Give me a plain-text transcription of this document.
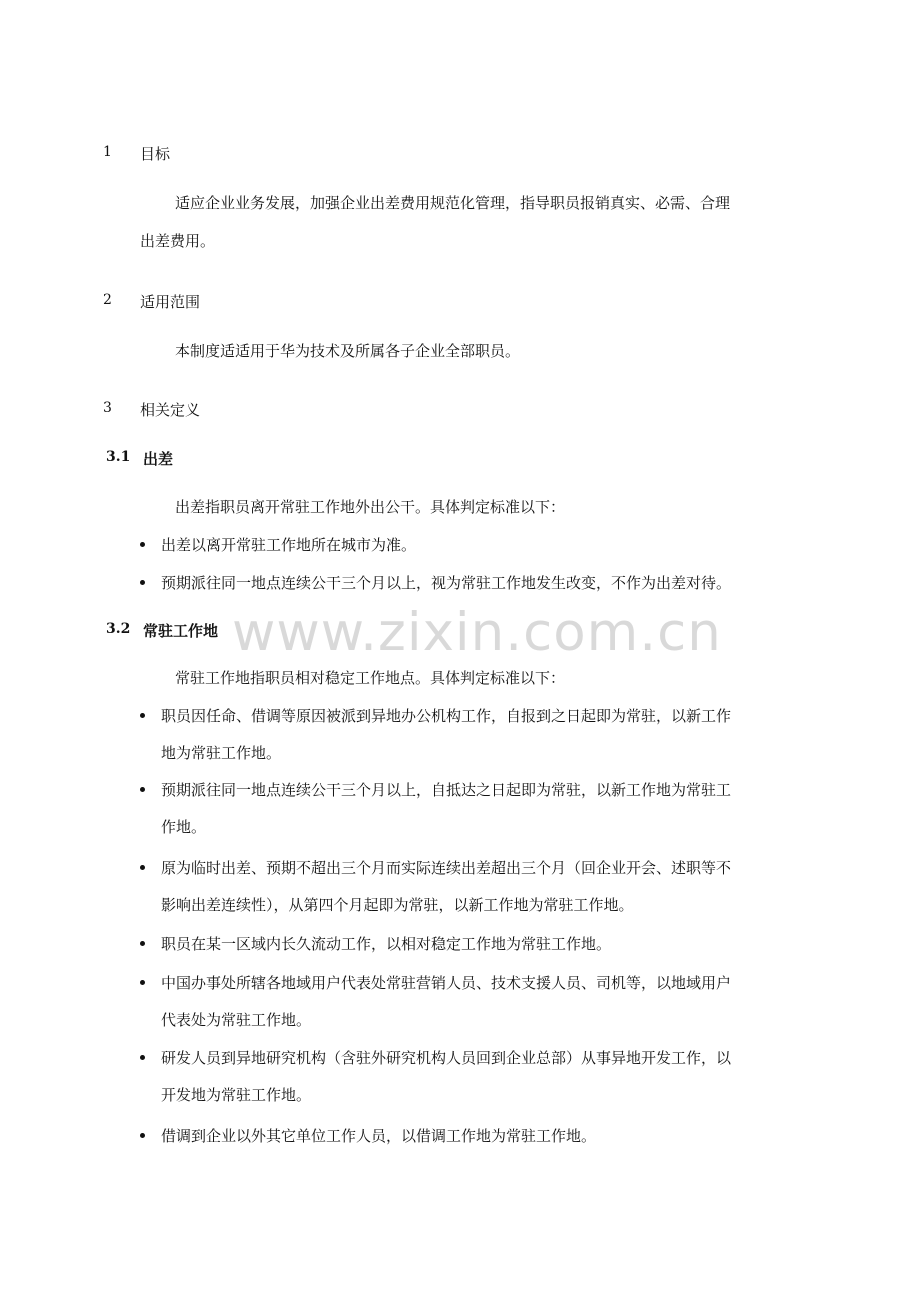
1 目标
适应企业业务发展，加强企业出差费用规范化管理，指导职员报销真实、必需、合理
出差费用。
2 适用范围
本制度适适用于华为技术及所属各子企业全部职员。
3 相关定义
3.1 出差
出差指职员离开常驻工作地外出公干。具体判定标准以下：
出差以离开常驻工作地所在城市为准。
预期派往同一地点连续公干三个月以上，视为常驻工作地发生改变，不作为出差对待。
3.2 常驻工作地
常驻工作地指职员相对稳定工作地点。具体判定标准以下：
职员因任命、借调等原因被派到异地办公机构工作，自报到之日起即为常驻，以新工作
地为常驻工作地。
预期派往同一地点连续公干三个月以上，自抵达之日起即为常驻，以新工作地为常驻工
作地。
原为临时出差、预期不超出三个月而实际连续出差超出三个月（回企业开会、述职等不
影响出差连续性），从第四个月起即为常驻，以新工作地为常驻工作地。
职员在某一区域内长久流动工作，以相对稳定工作地为常驻工作地。
中国办事处所辖各地域用户代表处常驻营销人员、技术支援人员、司机等，以地域用户
代表处为常驻工作地。
研发人员到异地研究机构（含驻外研究机构人员回到企业总部）从事异地开发工作，以
开发地为常驻工作地。
借调到企业以外其它单位工作人员，以借调工作地为常驻工作地。
www.zixin.com.cn
